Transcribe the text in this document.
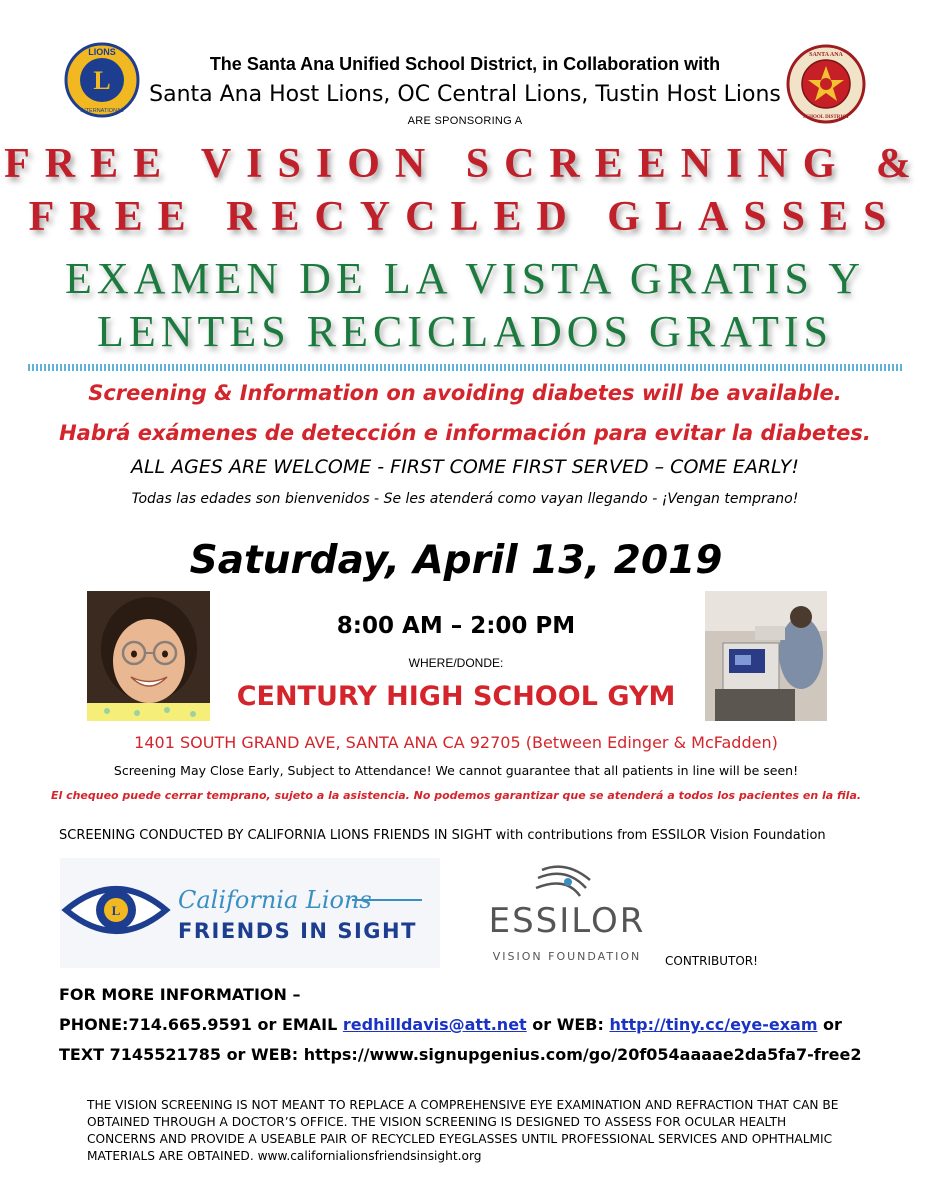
L
LIONS
INTERNATIONAL
SANTA ANA
SCHOOL DISTRICT
The Santa Ana Unified School District, in Collaboration with
Santa Ana Host Lions, OC Central Lions, Tustin Host Lions
ARE SPONSORING A
FREE VISION SCREENING &
FREE RECYCLED GLASSES
EXAMEN DE LA VISTA GRATIS Y
LENTES RECICLADOS GRATIS
Screening & Information on avoiding diabetes will be available.
Habrá exámenes de detección e información para evitar la diabetes.
ALL AGES ARE WELCOME - FIRST COME FIRST SERVED – COME EARLY!
Todas las edades son bienvenidos - Se les atenderá como vayan llegando - ¡Vengan temprano!
Saturday, April 13, 2019
8:00 AM – 2:00 PM
WHERE/DONDE:
CENTURY HIGH SCHOOL GYM
1401 SOUTH GRAND AVE, SANTA ANA CA 92705 (Between Edinger & McFadden)
Screening May Close Early, Subject to Attendance! We cannot guarantee that all patients in line will be seen!
El chequeo puede cerrar temprano, sujeto a la asistencia. No podemos garantizar que se atenderá a todos los pacientes en la fila.
SCREENING CONDUCTED BY CALIFORNIA LIONS FRIENDS IN SIGHT with contributions from ESSILOR Vision Foundation
L California Lions
FRIENDS IN SIGHT ESSILOR
VISION FOUNDATION CONTRIBUTOR!
FOR MORE INFORMATION –
PHONE:714.665.9591 or EMAIL redhilldavis@att.net or WEB: http://tiny.cc/eye-exam or
TEXT 7145521785 or WEB: https://www.signupgenius.com/go/20f054aaaae2da5fa7-free2
THE VISION SCREENING IS NOT MEANT TO REPLACE A COMPREHENSIVE EYE EXAMINATION AND REFRACTION THAT CAN BE OBTAINED THROUGH A DOCTOR’S OFFICE. THE VISION SCREENING IS DESIGNED TO ASSESS FOR OCULAR HEALTH CONCERNS AND PROVIDE A USEABLE PAIR OF RECYCLED EYEGLASSES UNTIL PROFESSIONAL SERVICES AND OPHTHALMIC MATERIALS ARE OBTAINED. www.californialionsfriendsinsight.org
